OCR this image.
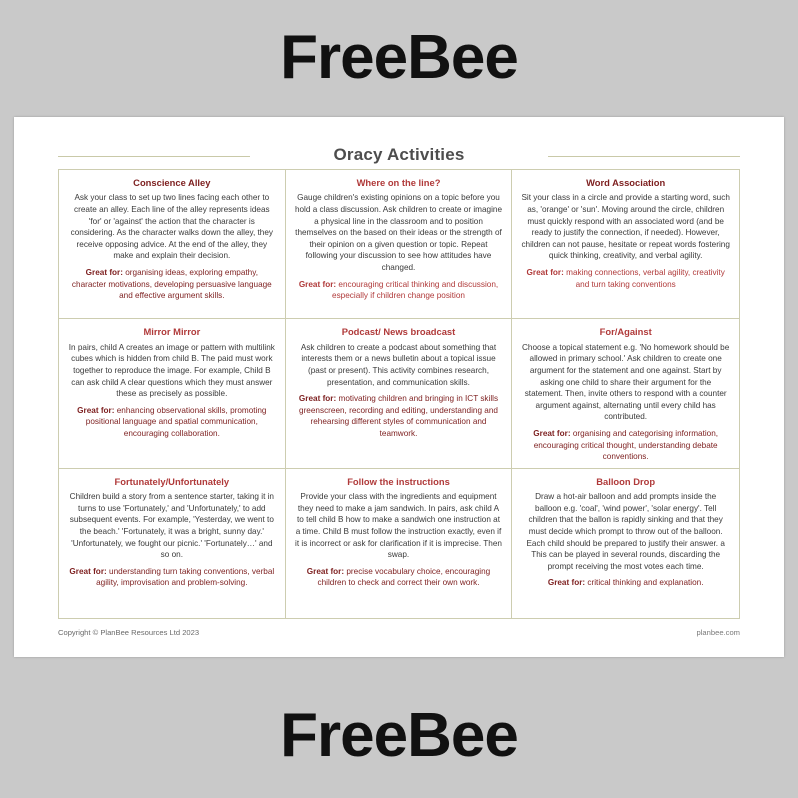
FreeBee
Oracy Activities
Conscience Alley
Ask your class to set up two lines facing each other to create an alley. Each line of the alley represents ideas 'for' or 'against' the action that the character is considering. As the character walks down the alley, they receive opposing advice. At the end of the alley, they make and explain their decision.
Great for: organising ideas, exploring empathy, character motivations, developing persuasive language and effective argument skills.
Where on the line?
Gauge children's existing opinions on a topic before you hold a class discussion. Ask children to create or imagine a physical line in the classroom and to position themselves on the based on their ideas or the strength of their opinion on a given question or topic. Repeat following your discussion to see how attitudes have changed.
Great for: encouraging critical thinking and discussion, especially if children change position
Word Association
Sit your class in a circle and provide a starting word, such as, 'orange' or 'sun'. Moving around the circle, children must quickly respond with an associated word (and be ready to justify the connection, if needed). However, children can not pause, hesitate or repeat words fostering quick thinking, creativity, and verbal agility.
Great for: making connections, verbal agility, creativity and turn taking conventions
Mirror Mirror
In pairs, child A creates an image or pattern with multilink cubes which is hidden from child B. The paid must work together to reproduce the image. For example, Child B can ask child A clear questions which they must answer these as precisely as possible.
Great for: enhancing observational skills, promoting positional language and spatial communication, encouraging collaboration.
Podcast/ News broadcast
Ask children to create a podcast about something that interests them or a news bulletin about a topical issue (past or present). This activity combines research, presentation, and communication skills.
Great for: motivating children and bringing in ICT skills greenscreen, recording and editing, understanding and rehearsing different styles of communication and teamwork.
For/Against
Choose a topical statement e.g. 'No homework should be allowed in primary school.' Ask children to create one argument for the statement and one against. Start by asking one child to share their argument for the statement. Then, invite others to respond with a counter argument against, alternating until every child has contributed.
Great for: organising and categorising information, encouraging critical thought, understanding debate conventions.
Fortunately/Unfortunately
Children build a story from a sentence starter, taking it in turns to use 'Fortunately,' and 'Unfortunately,' to add subsequent events. For example, 'Yesterday, we went to the beach.' 'Fortunately, it was a bright, sunny day.' 'Unfortunately, we fought our picnic.' 'Fortunately…' and so on.
Great for: understanding turn taking conventions, verbal agility, improvisation and problem-solving.
Follow the instructions
Provide your class with the ingredients and equipment they need to make a jam sandwich. In pairs, ask child A to tell child B how to make a sandwich one instruction at a time. Child B must follow the instruction exactly, even if it is incorrect or ask for clarification if it is imprecise. Then swap.
Great for: precise vocabulary choice, encouraging children to check and correct their own work.
Balloon Drop
Draw a hot-air balloon and add prompts inside the balloon e.g. 'coal', 'wind power', 'solar energy'. Tell children that the ballon is rapidly sinking and that they must decide which prompt to throw out of the balloon. Each child should be prepared to justify their answer. a This can be played in several rounds, discarding the prompt receiving the most votes each time.
Great for: critical thinking and explanation.
Copyright © PlanBee Resources Ltd 2023	planbee.com
FreeBee
